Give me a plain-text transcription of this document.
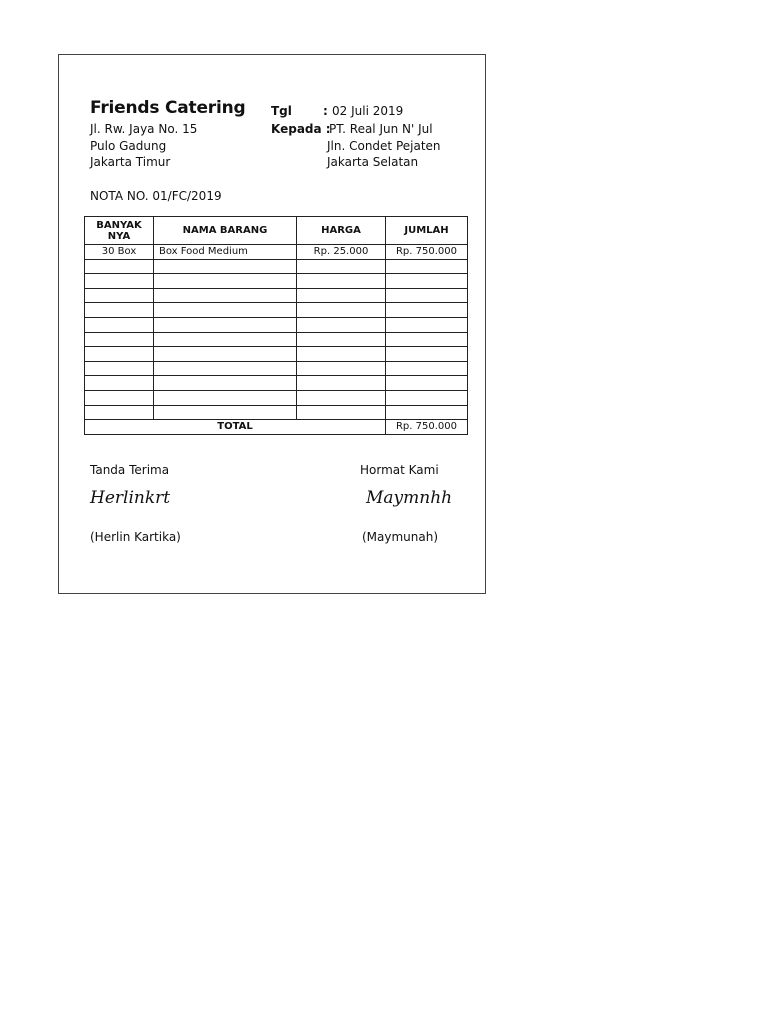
Friends Catering
Jl. Rw. Jaya No. 15
Pulo Gadung
Jakarta Timur
Tgl	: 02 Juli 2019
Kepada :
PT. Real Jun N' Jul
Jln. Condet Pejaten
Jakarta Selatan
NOTA NO. 01/FC/2019
BANYAK
NYA	NAMA BARANG	HARGA	JUMLAH
30 Box	Box Food Medium	Rp. 25.000	Rp. 750.000

TOTAL			Rp. 750.000
Tanda Terima	Hormat Kami
Herlinkrt	Maymnhh
(Herlin Kartika)	(Maymunah)
